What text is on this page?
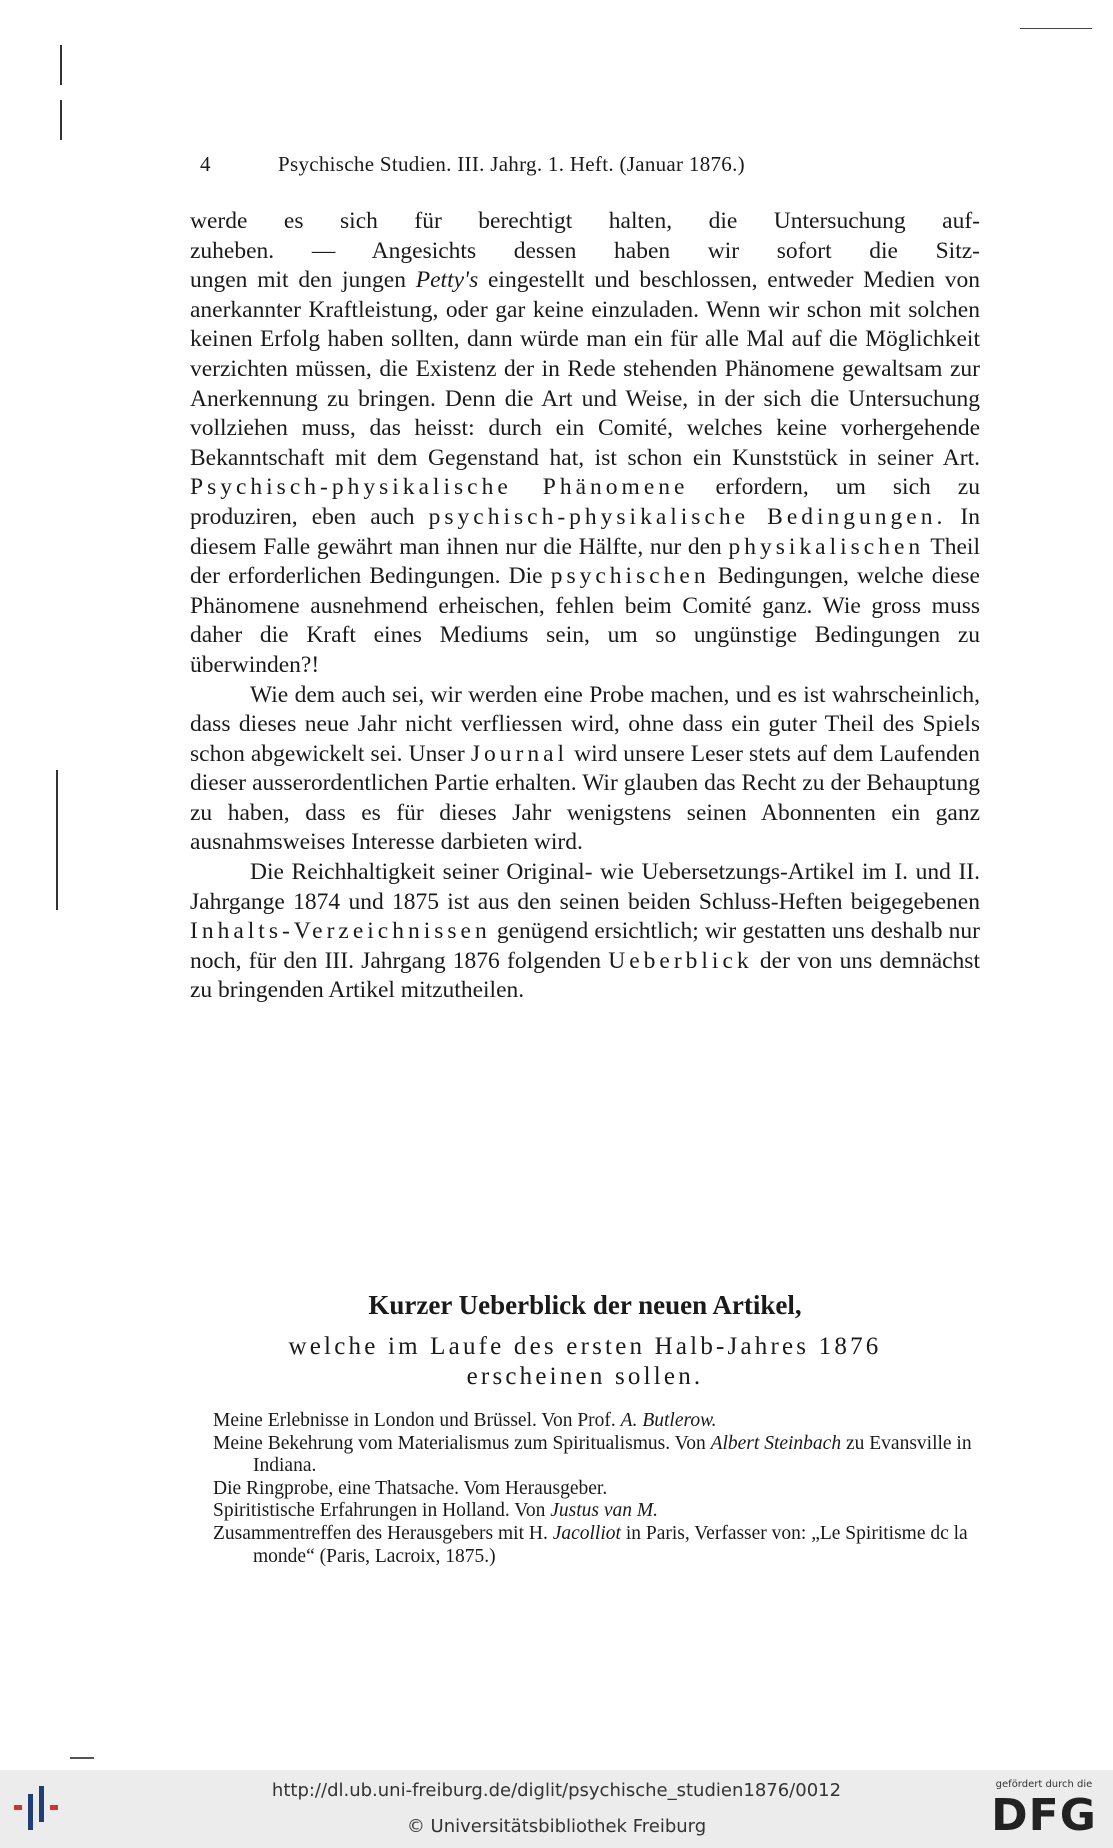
4	Psychische Studien. III. Jahrg. 1. Heft. (Januar 1876.)

werde es sich für berechtigt halten, die Untersuchung auf-
zuheben. — Angesichts dessen haben wir sofort die Sitz-
ungen mit den jungen Petty's eingestellt und beschlossen, entweder Medien von anerkannter Kraftleistung, oder gar keine einzuladen. Wenn wir schon mit solchen keinen Erfolg haben sollten, dann würde man ein für alle Mal auf die Möglichkeit verzichten müssen, die Existenz der in Rede stehenden Phänomene gewaltsam zur Anerkennung zu bringen. Denn die Art und Weise, in der sich die Untersuchung vollziehen muss, das heisst: durch ein Comité, welches keine vorhergehende Bekanntschaft mit dem Gegenstand hat, ist schon ein Kunststück in seiner Art. Psychisch-physikalische Phänomene erfordern, um sich zu produziren, eben auch psychisch-physikalische Bedingungen. In diesem Falle gewährt man ihnen nur die Hälfte, nur den physikalischen Theil der erforderlichen Bedingungen. Die psychischen Bedingungen, welche diese Phänomene ausnehmend erheischen, fehlen beim Comité ganz. Wie gross muss daher die Kraft eines Mediums sein, um so ungünstige Bedingungen zu überwinden?!

Wie dem auch sei, wir werden eine Probe machen, und es ist wahrscheinlich, dass dieses neue Jahr nicht verfliessen wird, ohne dass ein guter Theil des Spiels schon abgewickelt sei. Unser Journal wird unsere Leser stets auf dem Laufenden dieser ausserordentlichen Partie erhalten. Wir glauben das Recht zu der Behauptung zu haben, dass es für dieses Jahr wenigstens seinen Abonnenten ein ganz ausnahmsweises Interesse darbieten wird.

Die Reichhaltigkeit seiner Original- wie Uebersetzungs-Artikel im I. und II. Jahrgange 1874 und 1875 ist aus den seinen beiden Schluss-Heften beigegebenen Inhalts-Verzeichnissen genügend ersichtlich; wir gestatten uns deshalb nur noch, für den III. Jahrgang 1876 folgenden Ueberblick der von uns demnächst zu bringenden Artikel mitzutheilen.

Kurzer Ueberblick der neuen Artikel,
welche im Laufe des ersten Halb-Jahres 1876
erscheinen sollen.
Meine Erlebnisse in London und Brüssel. Von Prof. A. Butlerow.
Meine Bekehrung vom Materialismus zum Spiritualismus. Von Albert Steinbach zu Evansville in Indiana.
Die Ringprobe, eine Thatsache. Vom Herausgeber.
Spiritistische Erfahrungen in Holland. Von Justus van M.
Zusammentreffen des Herausgebers mit H. Jacolliot in Paris, Verfasser von: „Le Spiritisme dc la monde“ (Paris, Lacroix, 1875.)
http://dl.ub.uni-freiburg.de/diglit/psychische_studien1876/0012
© Universitätsbibliothek Freiburg
gefördert durch die
DFG
